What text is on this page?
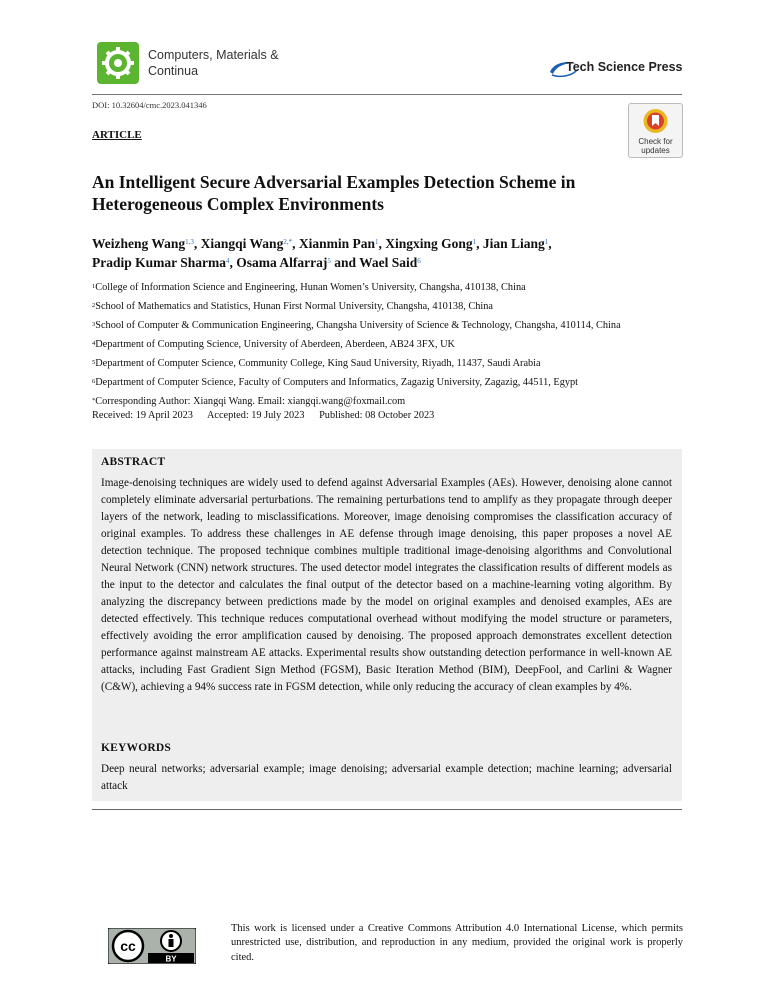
Computers, Materials &
Continua	Tech Science Press
DOI: 10.32604/cmc.2023.041346
Check for
updates
ARTICLE
An Intelligent Secure Adversarial Examples Detection Scheme in
Heterogeneous Complex Environments
Weizheng Wang$^{1,3}$, Xiangqi Wang$^{2,*}$, Xianmin Pan$^1$, Xingxing Gong$^1$, Jian Liang$^1$,
Pradip Kumar Sharma$^4$, Osama Alfarraj$^5$ and Wael Said$^6$
$^1$College of Information Science and Engineering, Hunan Women’s University, Changsha, 410138, China
$^2$School of Mathematics and Statistics, Hunan First Normal University, Changsha, 410138, China
$^3$School of Computer & Communication Engineering, Changsha University of Science & Technology, Changsha, 410114, China
$^4$Department of Computing Science, University of Aberdeen, Aberdeen, AB24 3FX, UK
$^5$Department of Computer Science, Community College, King Saud University, Riyadh, 11437, Saudi Arabia
$^6$Department of Computer Science, Faculty of Computers and Informatics, Zagazig University, Zagazig, 44511, Egypt
*Corresponding Author: Xiangqi Wang. Email: xiangqi.wang@foxmail.com
Received: 19 April 2023 Accepted: 19 July 2023 Published: 08 October 2023
ABSTRACT
Image-denoising techniques are widely used to defend against Adversarial Examples (AEs). However, denoising alone cannot completely eliminate adversarial perturbations. The remaining perturbations tend to amplify as they propagate through deeper layers of the network, leading to misclassifications. Moreover, image denoising compromises the classification accuracy of original examples. To address these challenges in AE defense through image denoising, this paper proposes a novel AE detection technique. The proposed technique combines multiple traditional image-denoising algorithms and Convolutional Neural Network (CNN) network structures. The used detector model integrates the classification results of different models as the input to the detector and calculates the final output of the detector based on a machine-learning voting algorithm. By analyzing the discrepancy between predictions made by the model on original examples and denoised examples, AEs are detected effectively. This technique reduces computational overhead without modifying the model structure or parameters, effectively avoiding the error amplification caused by denoising. The proposed approach demonstrates excellent detection performance against mainstream AE attacks. Experimental results show outstanding detection performance in well-known AE attacks, including Fast Gradient Sign Method (FGSM), Basic Iteration Method (BIM), DeepFool, and Carlini & Wagner (C&W), achieving a 94% success rate in FGSM detection, while only reducing the accuracy of clean examples by 4%.
KEYWORDS
Deep neural networks; adversarial example; image denoising; adversarial example detection; machine learning; adversarial attack
cc
BY
This work is licensed under a Creative Commons Attribution 4.0 International License, which permits unrestricted use, distribution, and reproduction in any medium, provided the original work is properly cited.
